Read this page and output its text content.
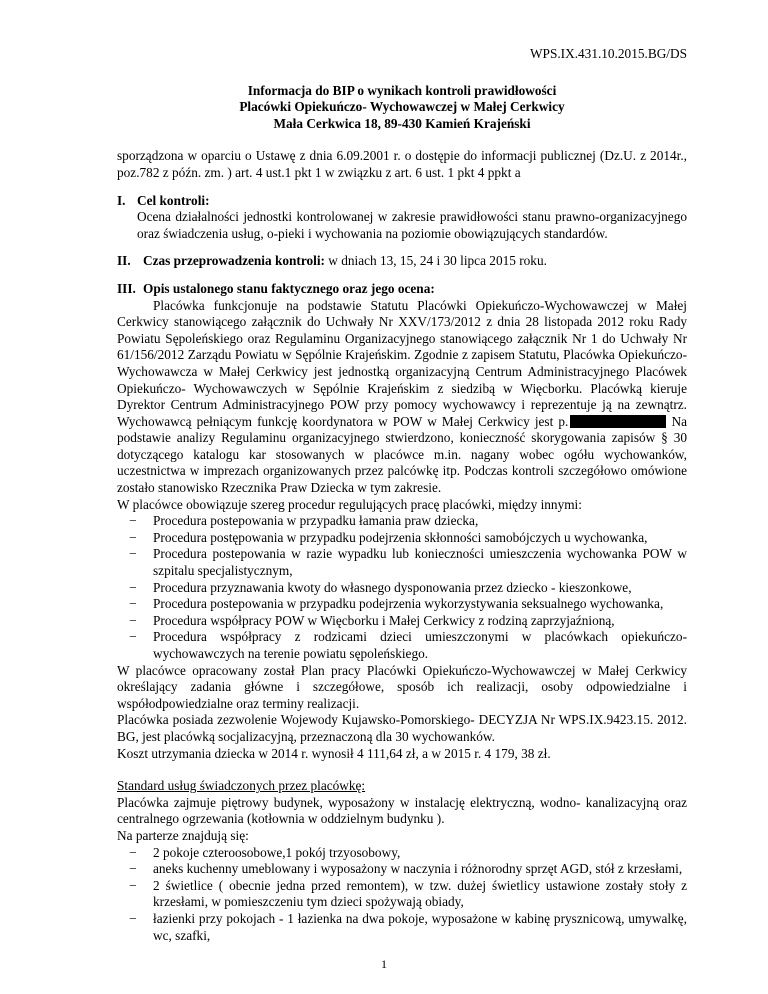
WPS.IX.431.10.2015.BG/DS
Informacja do BIP o wynikach kontroli prawidłowości
Placówki Opiekuńczo- Wychowawczej w Małej Cerkwicy
Mała Cerkwica 18, 89-430 Kamień Krajeński
sporządzona w oparciu o Ustawę z dnia 6.09.2001 r. o dostępie do informacji publicznej (Dz.U. z 2014r., poz.782 z późn. zm. ) art. 4 ust.1 pkt 1 w związku z art. 6 ust. 1 pkt 4 ppkt a
I. Cel kontroli:
Ocena działalności jednostki kontrolowanej w zakresie prawidłowości stanu prawno-organizacyjnego oraz świadczenia usług, o-pieki i wychowania na poziomie obowiązujących standardów.
II. Czas przeprowadzenia kontroli:
w dniach 13, 15, 24 i 30 lipca 2015 roku.
III. Opis ustalonego stanu faktycznego oraz jego ocena:
Placówka funkcjonuje na podstawie Statutu Placówki Opiekuńczo-Wychowawczej w Małej Cerkwicy stanowiącego załącznik do Uchwały Nr XXV/173/2012 z dnia 28 listopada 2012 roku Rady Powiatu Sępoleńskiego oraz Regulaminu Organizacyjnego stanowiącego załącznik Nr 1 do Uchwały Nr 61/156/2012 Zarządu Powiatu w Sępólnie Krajeńskim. Zgodnie z zapisem Statutu, Placówka Opiekuńczo-Wychowawcza w Małej Cerkwicy jest jednostką organizacyjną Centrum Administracyjnego Placówek Opiekuńczo- Wychowawczych w Sępólnie Krajeńskim z siedzibą w Więcborku. Placówką kieruje Dyrektor Centrum Administracyjnego POW przy pomocy wychowawcy i reprezentuje ją na zewnątrz. Wychowawcą pełniącym funkcję koordynatora w POW w Małej Cerkwicy jest p.	Na podstawie analizy Regulaminu organizacyjnego stwierdzono, konieczność skorygowania zapisów § 30 dotyczącego katalogu kar stosowanych w placówce m.in. nagany wobec ogółu wychowanków, uczestnictwa w imprezach organizowanych przez palcówkę itp. Podczas kontroli szczegółowo omówione zostało stanowisko Rzecznika Praw Dziecka w tym zakresie.
W placówce obowiązuje szereg procedur regulujących pracę placówki, między innymi:
− Procedura postepowania w przypadku łamania praw dziecka,
− Procedura postępowania w przypadku podejrzenia skłonności samobójczych u wychowanka,
− Procedura postepowania w razie wypadku lub konieczności umieszczenia wychowanka POW w szpitalu specjalistycznym,
− Procedura przyznawania kwoty do własnego dysponowania przez dziecko - kieszonkowe,
− Procedura postepowania w przypadku podejrzenia wykorzystywania seksualnego wychowanka,
− Procedura współpracy POW w Więcborku i Małej Cerkwicy z rodziną zaprzyjaźnioną,
− Procedura współpracy z rodzicami dzieci umieszczonymi w placówkach opiekuńczo-wychowawczych na terenie powiatu sępoleńskiego.
W placówce opracowany został Plan pracy Placówki Opiekuńczo-Wychowawczej w Małej Cerkwicy określający zadania główne i szczegółowe, sposób ich realizacji, osoby odpowiedzialne i współodpowiedzialne oraz terminy realizacji.
Placówka posiada zezwolenie Wojewody Kujawsko-Pomorskiego- DECYZJA Nr WPS.IX.9423.15. 2012. BG, jest placówką socjalizacyjną, przeznaczoną dla 30 wychowanków.
Koszt utrzymania dziecka w 2014 r. wynosił 4 111,64 zł, a w 2015 r. 4 179, 38 zł.
Standard usług świadczonych przez placówkę:
Placówka zajmuje piętrowy budynek, wyposażony w instalację elektryczną, wodno- kanalizacyjną oraz centralnego ogrzewania (kotłownia w oddzielnym budynku ).
Na parterze znajdują się:
− 2 pokoje czteroosobowe,1 pokój trzyosobowy,
− aneks kuchenny umeblowany i wyposażony w naczynia i różnorodny sprzęt AGD, stół z krzesłami,
− 2 świetlice ( obecnie jedna przed remontem), w tzw. dużej świetlicy ustawione zostały stoły z krzesłami, w pomieszczeniu tym dzieci spożywają obiady,
− łazienki przy pokojach - 1 łazienka na dwa pokoje, wyposażone w kabinę prysznicową, umywalkę, wc, szafki,
1
